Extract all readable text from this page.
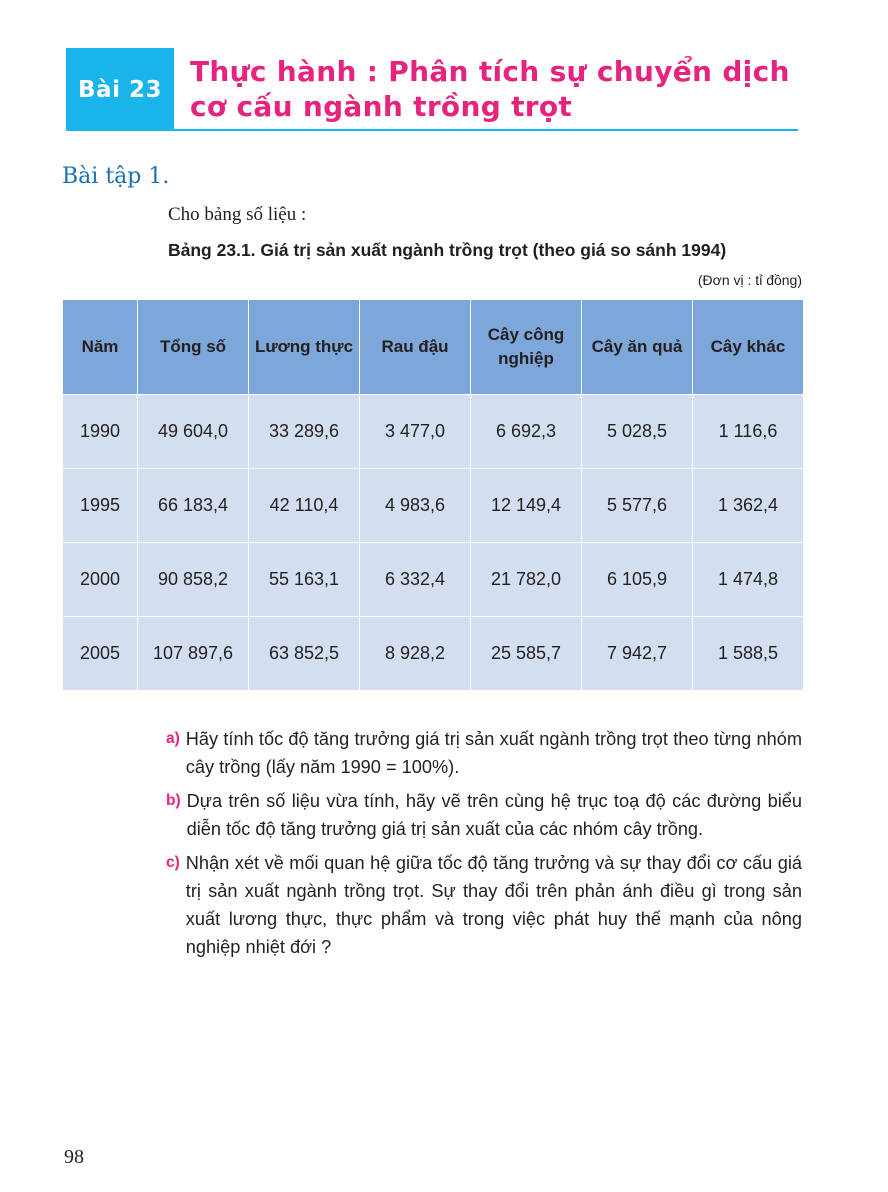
Bài 23
Thực hành : Phân tích sự chuyển dịch
cơ cấu ngành trồng trọt
Bài tập 1.
Cho bảng số liệu :
Bảng 23.1. Giá trị sản xuất ngành trồng trọt (theo giá so sánh 1994)
(Đơn vị : tỉ đồng)
Năm	Tổng số	Lương thực	Rau đậu	Cây công nghiệp	Cây ăn quả	Cây khác
1990	49 604,0	33 289,6	3 477,0	6 692,3	5 028,5	1 116,6
1995	66 183,4	42 110,4	4 983,6	12 149,4	5 577,6	1 362,4
2000	90 858,2	55 163,1	6 332,4	21 782,0	6 105,9	1 474,8
2005	107 897,6	63 852,5	8 928,2	25 585,7	7 942,7	1 588,5
a) Hãy tính tốc độ tăng trưởng giá trị sản xuất ngành trồng trọt theo từng nhóm cây trồng (lấy năm 1990 = 100%).
b) Dựa trên số liệu vừa tính, hãy vẽ trên cùng hệ trục toạ độ các đường biểu diễn tốc độ tăng trưởng giá trị sản xuất của các nhóm cây trồng.
c) Nhận xét về mối quan hệ giữa tốc độ tăng trưởng và sự thay đổi cơ cấu giá trị sản xuất ngành trồng trọt. Sự thay đổi trên phản ánh điều gì trong sản xuất lương thực, thực phẩm và trong việc phát huy thế mạnh của nông nghiệp nhiệt đới ?
98
